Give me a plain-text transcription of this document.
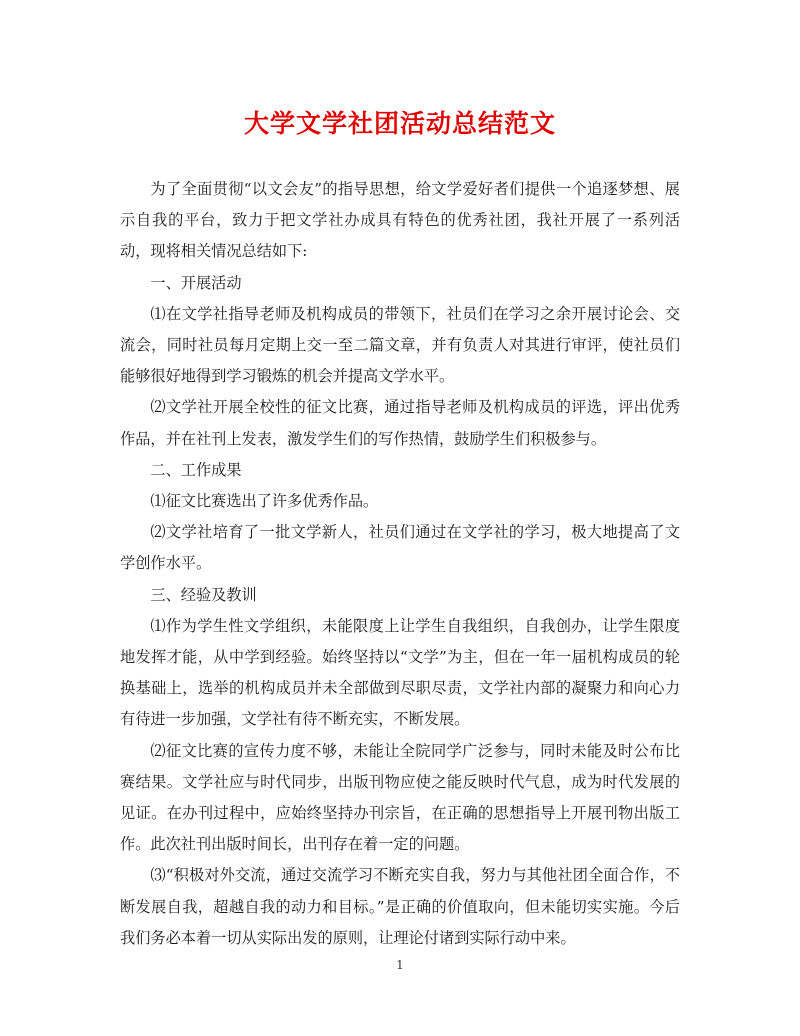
大学文学社团活动总结范文

为了全面贯彻“以文会友”的指导思想，给文学爱好者们提供一个追逐梦想、展示自我的平台，致力于把文学社办成具有特色的优秀社团，我社开展了一系列活动，现将相关情况总结如下:

一、开展活动

⑴在文学社指导老师及机构成员的带领下，社员们在学习之余开展讨论会、交流会，同时社员每月定期上交一至二篇文章，并有负责人对其进行审评，使社员们能够很好地得到学习锻炼的机会并提高文学水平。

⑵文学社开展全校性的征文比赛，通过指导老师及机构成员的评选，评出优秀作品，并在社刊上发表，激发学生们的写作热情，鼓励学生们积极参与。

二、工作成果

⑴征文比赛选出了许多优秀作品。

⑵文学社培育了一批文学新人，社员们通过在文学社的学习，极大地提高了文学创作水平。

三、经验及教训

⑴作为学生性文学组织，未能限度上让学生自我组织，自我创办，让学生限度地发挥才能，从中学到经验。始终坚持以“文学”为主，但在一年一届机构成员的轮换基础上，选举的机构成员并未全部做到尽职尽责，文学社内部的凝聚力和向心力有待进一步加强，文学社有待不断充实，不断发展。

⑵征文比赛的宣传力度不够，未能让全院同学广泛参与，同时未能及时公布比赛结果。文学社应与时代同步，出版刊物应使之能反映时代气息，成为时代发展的见证。在办刊过程中，应始终坚持办刊宗旨，在正确的思想指导上开展刊物出版工作。此次社刊出版时间长，出刊存在着一定的问题。

⑶“积极对外交流，通过交流学习不断充实自我，努力与其他社团全面合作，不断发展自我，超越自我的动力和目标。”是正确的价值取向，但未能切实实施。今后我们务必本着一切从实际出发的原则，让理论付诸到实际行动中来。

1
